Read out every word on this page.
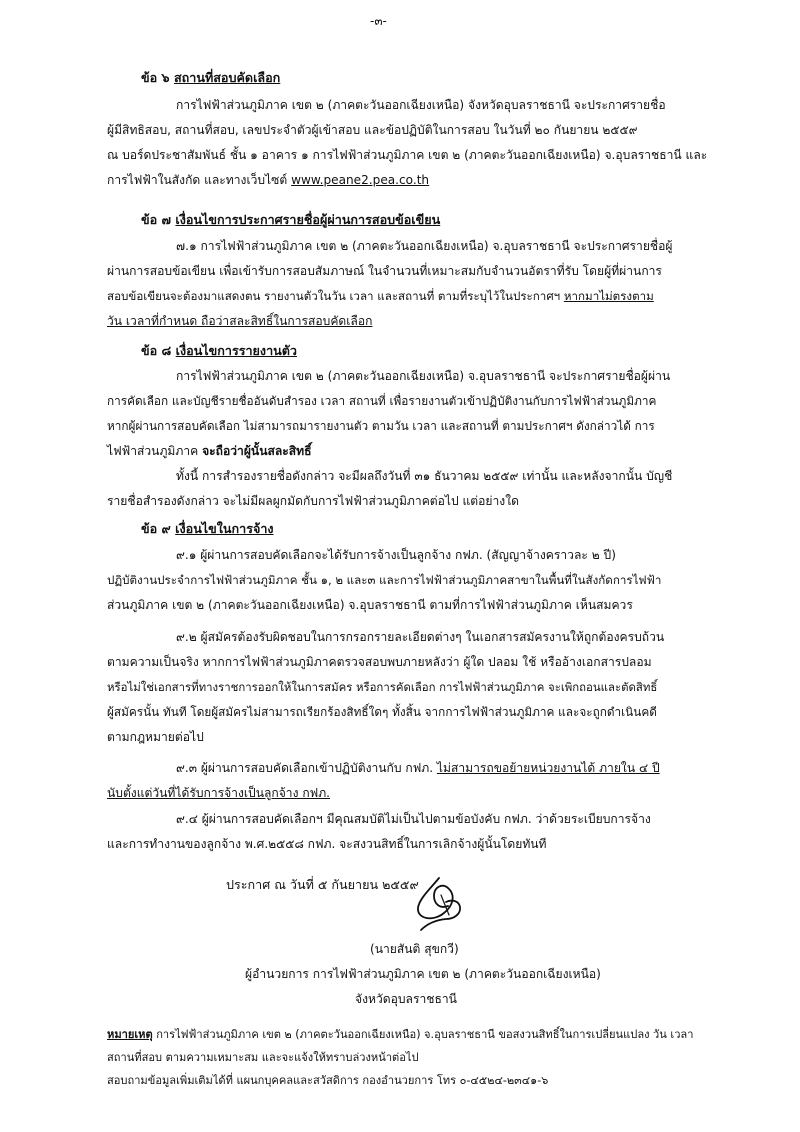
-๓-
ข้อ ๖ สถานที่สอบคัดเลือก
การไฟฟ้าส่วนภูมิภาค เขต ๒ (ภาคตะวันออกเฉียงเหนือ) จังหวัดอุบลราชธานี จะประกาศรายชื่อ
ผู้มีสิทธิสอบ, สถานที่สอบ, เลขประจำตัวผู้เข้าสอบ และข้อปฏิบัติในการสอบ ในวันที่ ๒๐ กันยายน ๒๕๕๙
ณ บอร์ดประชาสัมพันธ์ ชั้น ๑ อาคาร ๑ การไฟฟ้าส่วนภูมิภาค เขต ๒ (ภาคตะวันออกเฉียงเหนือ) จ.อุบลราชธานี และ
การไฟฟ้าในสังกัด และทางเว็บไซต์ www.peane2.pea.co.th
ข้อ ๗ เงื่อนไขการประกาศรายชื่อผู้ผ่านการสอบข้อเขียน
๗.๑ การไฟฟ้าส่วนภูมิภาค เขต ๒ (ภาคตะวันออกเฉียงเหนือ) จ.อุบลราชธานี จะประกาศรายชื่อผู้
ผ่านการสอบข้อเขียน เพื่อเข้ารับการสอบสัมภาษณ์ ในจำนวนที่เหมาะสมกับจำนวนอัตราที่รับ โดยผู้ที่ผ่านการ
สอบข้อเขียนจะต้องมาแสดงตน รายงานตัวในวัน เวลา และสถานที่ ตามที่ระบุไว้ในประกาศฯ หากมาไม่ตรงตาม
วัน เวลาที่กำหนด ถือว่าสละสิทธิ์ในการสอบคัดเลือก
ข้อ ๘ เงื่อนไขการรายงานตัว
การไฟฟ้าส่วนภูมิภาค เขต ๒ (ภาคตะวันออกเฉียงเหนือ) จ.อุบลราชธานี จะประกาศรายชื่อผู้ผ่าน
การคัดเลือก และบัญชีรายชื่ออันดับสำรอง เวลา สถานที่ เพื่อรายงานตัวเข้าปฏิบัติงานกับการไฟฟ้าส่วนภูมิภาค
หากผู้ผ่านการสอบคัดเลือก ไม่สามารถมารายงานตัว ตามวัน เวลา และสถานที่ ตามประกาศฯ ดังกล่าวได้ การ
ไฟฟ้าส่วนภูมิภาค จะถือว่าผู้นั้นสละสิทธิ์
ทั้งนี้ การสำรองรายชื่อดังกล่าว จะมีผลถึงวันที่ ๓๑ ธันวาคม ๒๕๕๙ เท่านั้น และหลังจากนั้น บัญชี
รายชื่อสำรองดังกล่าว จะไม่มีผลผูกมัดกับการไฟฟ้าส่วนภูมิภาคต่อไป แต่อย่างใด
ข้อ ๙ เงื่อนไขในการจ้าง
๙.๑ ผู้ผ่านการสอบคัดเลือกจะได้รับการจ้างเป็นลูกจ้าง กฟภ. (สัญญาจ้างคราวละ ๒ ปี)
ปฏิบัติงานประจำการไฟฟ้าส่วนภูมิภาค ชั้น ๑, ๒ และ๓ และการไฟฟ้าส่วนภูมิภาคสาขาในพื้นที่ในสังกัดการไฟฟ้า
ส่วนภูมิภาค เขต ๒ (ภาคตะวันออกเฉียงเหนือ) จ.อุบลราชธานี ตามที่การไฟฟ้าส่วนภูมิภาค เห็นสมควร
๙.๒ ผู้สมัครต้องรับผิดชอบในการกรอกรายละเอียดต่างๆ ในเอกสารสมัครงานให้ถูกต้องครบถ้วน
ตามความเป็นจริง หากการไฟฟ้าส่วนภูมิภาคตรวจสอบพบภายหลังว่า ผู้ใด ปลอม ใช้ หรืออ้างเอกสารปลอม
หรือไม่ใช่เอกสารที่ทางราชการออกให้ในการสมัคร หรือการคัดเลือก การไฟฟ้าส่วนภูมิภาค จะเพิกถอนและตัดสิทธิ์
ผู้สมัครนั้น ทันที โดยผู้สมัครไม่สามารถเรียกร้องสิทธิ์ใดๆ ทั้งสิ้น จากการไฟฟ้าส่วนภูมิภาค และจะถูกดำเนินคดี
ตามกฎหมายต่อไป
๙.๓ ผู้ผ่านการสอบคัดเลือกเข้าปฏิบัติงานกับ กฟภ. ไม่สามารถขอย้ายหน่วยงานได้ ภายใน ๔ ปี
นับตั้งแต่วันที่ได้รับการจ้างเป็นลูกจ้าง กฟภ.
๙.๔ ผู้ผ่านการสอบคัดเลือกฯ มีคุณสมบัติไม่เป็นไปตามข้อบังคับ กฟภ. ว่าด้วยระเบียบการจ้าง
และการทำงานของลูกจ้าง พ.ศ.๒๕๕๘ กฟภ. จะสงวนสิทธิ์ในการเลิกจ้างผู้นั้นโดยทันที
ประกาศ ณ วันที่ ๕ กันยายน ๒๕๕๙
(นายสันติ สุขกวี)
ผู้อำนวยการ การไฟฟ้าส่วนภูมิภาค เขต ๒ (ภาคตะวันออกเฉียงเหนือ)
จังหวัดอุบลราชธานี
หมายเหตุ การไฟฟ้าส่วนภูมิภาค เขต ๒ (ภาคตะวันออกเฉียงเหนือ) จ.อุบลราชธานี ขอสงวนสิทธิ์ในการเปลี่ยนแปลง วัน เวลา
สถานที่สอบ ตามความเหมาะสม และจะแจ้งให้ทราบล่วงหน้าต่อไป
สอบถามข้อมูลเพิ่มเติมได้ที่ แผนกบุคคลและสวัสดิการ กองอำนวยการ โทร ๐-๔๕๒๔-๒๓๔๑-๖
